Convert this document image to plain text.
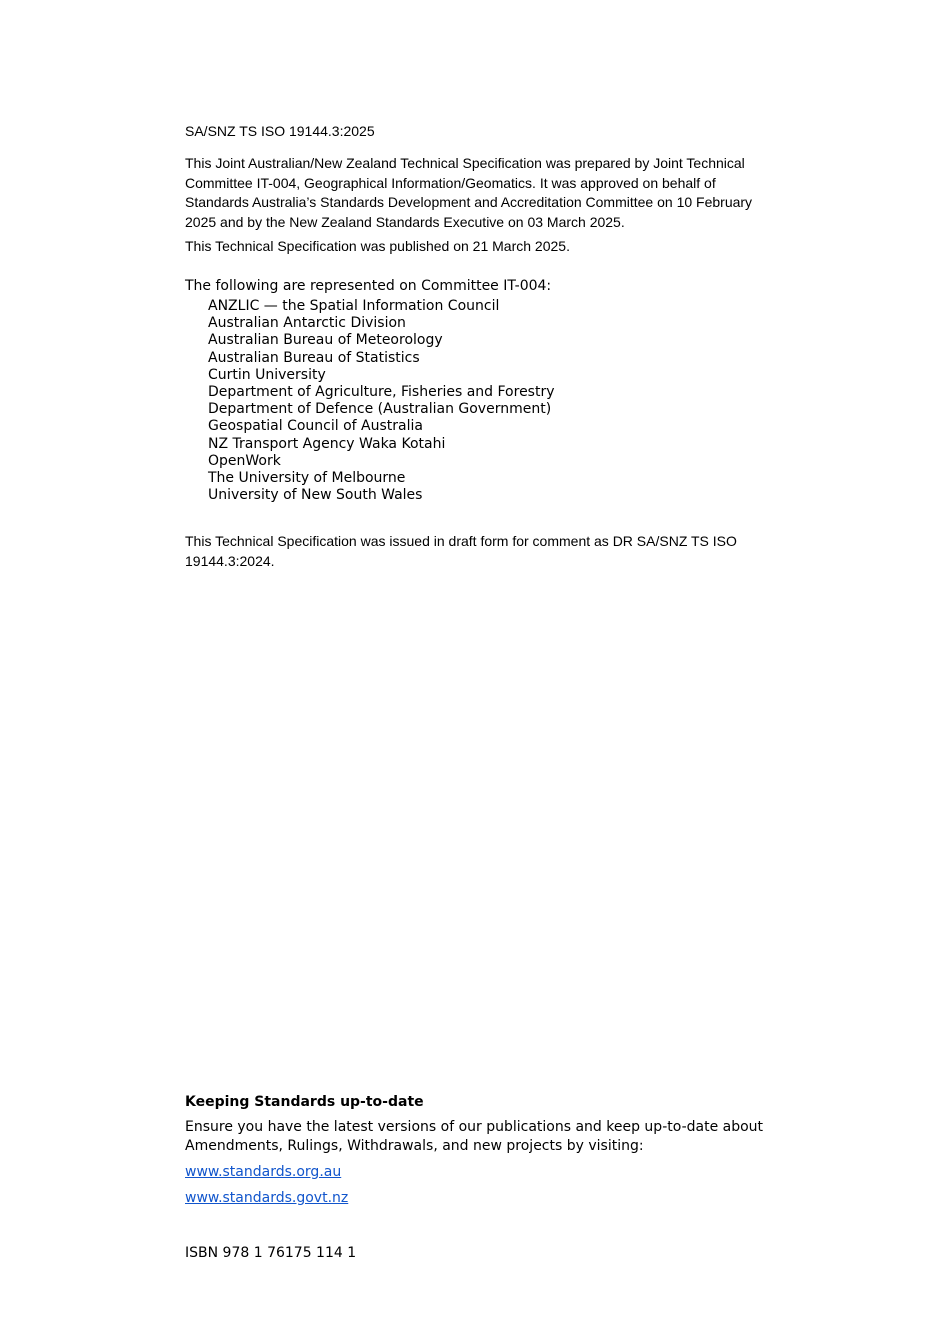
SA/SNZ TS ISO 19144.3:2025

This Joint Australian/New Zealand Technical Specification was prepared by Joint Technical Committee IT-004, Geographical Information/Geomatics. It was approved on behalf of Standards Australia’s Standards Development and Accreditation Committee on 10 February 2025 and by the New Zealand Standards Executive on 03 March 2025.

This Technical Specification was published on 21 March 2025.

The following are represented on Committee IT-004:

ANZLIC — the Spatial Information Council
Australian Antarctic Division
Australian Bureau of Meteorology
Australian Bureau of Statistics
Curtin University
Department of Agriculture, Fisheries and Forestry
Department of Defence (Australian Government)
Geospatial Council of Australia
NZ Transport Agency Waka Kotahi
OpenWork
The University of Melbourne
University of New South Wales

This Technical Specification was issued in draft form for comment as DR SA/SNZ TS ISO 19144.3:2024.

Keeping Standards up-to-date

Ensure you have the latest versions of our publications and keep up-to-date about Amendments, Rulings, Withdrawals, and new projects by visiting:

www.standards.org.au
www.standards.govt.nz

ISBN 978 1 76175 114 1
